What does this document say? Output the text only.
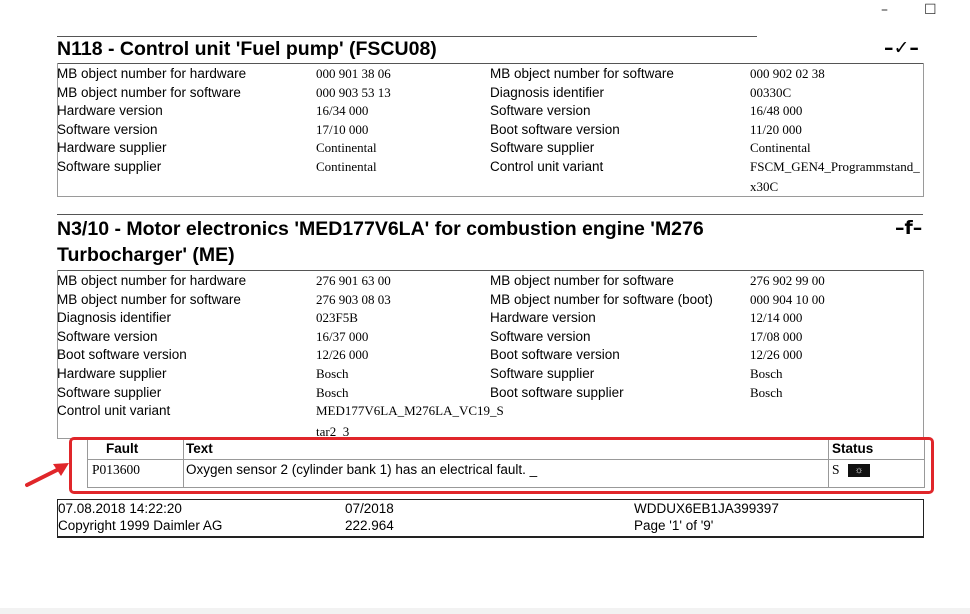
–	☐
N118 - Control unit 'Fuel pump' (FSCU08)	–✓–
MB object number for hardware	000 901 38 06	MB object number for software	000 902 02 38
MB object number for software	000 903 53 13	Diagnosis identifier	00330C
Hardware version	16/34 000	Software version	16/48 000
Software version	17/10 000	Boot software version	11/20 000
Hardware supplier	Continental	Software supplier	Continental
Software supplier	Continental	Control unit variant	FSCM_GEN4_Programmstand_
x30C
N3/10 - Motor electronics 'MED177V6LA' for combustion engine 'M276
Turbocharger' (ME)
–f–
MB object number for hardware	276 901 63 00	MB object number for software	276 902 99 00
MB object number for software	276 903 08 03	MB object number for software (boot)	000 904 10 00
Diagnosis identifier	023F5B	Hardware version	12/14 000
Software version	16/37 000	Software version	17/08 000
Boot software version	12/26 000	Boot software version	12/26 000
Hardware supplier	Bosch	Software supplier	Bosch
Software supplier	Bosch	Boot software supplier	Bosch
Control unit variant	MED177V6LA_M276LA_VC19_S
tar2_3
Fault	Text	Status
P013600	Oxygen sensor 2 (cylinder bank 1) has an electrical fault. _	S	☼
07.08.2018 14:22:20	07/2018	WDDUX6EB1JA399397
Copyright 1999 Daimler AG	222.964	Page '1' of '9'
